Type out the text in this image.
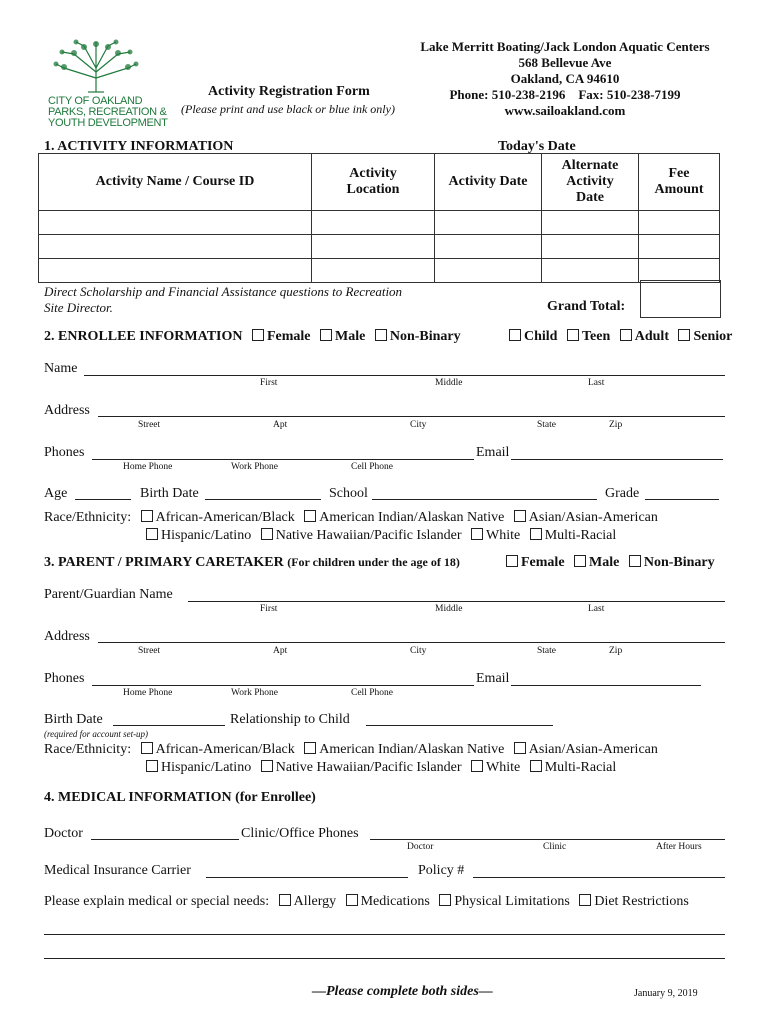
CITY OF OAKLAND
PARKS, RECREATION &
YOUTH DEVELOPMENT
Activity Registration Form
(Please print and use black or blue ink only)
Lake Merritt Boating/Jack London Aquatic Centers
568 Bellevue Ave
Oakland, CA 94610
Phone: 510-238-2196    Fax: 510-238-7199
www.sailoakland.com
1. ACTIVITY INFORMATION	Today's Date
Activity Name / Course ID	Activity Location	Activity Date	Alternate Activity Date	Fee Amount

Direct Scholarship and Financial Assistance questions to Recreation Site Director.	Grand Total:
2. ENROLLEE INFORMATION Female Male Non-Binary	Child Teen Adult Senior
Name
First	Middle	Last
Address
Street	Apt	City	State	Zip
Phones	Email
Home Phone	Work Phone	Cell Phone
Age	Birth Date	School	Grade
Race/Ethnicity: African-American/Black American Indian/Alaskan Native Asian/Asian-American
Hispanic/Latino Native Hawaiian/Pacific Islander White Multi-Racial
3. PARENT / PRIMARY CARETAKER (For children under the age of 18)	Female Male Non-Binary
Parent/Guardian Name
First	Middle	Last
Address
Street	Apt	City	State	Zip
Phones	Email
Home Phone	Work Phone	Cell Phone
Birth Date	Relationship to Child
(required for account set-up)
Race/Ethnicity: African-American/Black American Indian/Alaskan Native Asian/Asian-American
Hispanic/Latino Native Hawaiian/Pacific Islander White Multi-Racial
4. MEDICAL INFORMATION (for Enrollee)
Doctor	Clinic/Office Phones
Doctor	Clinic	After Hours
Medical Insurance Carrier	Policy #
Please explain medical or special needs: Allergy Medications Physical Limitations Diet Restrictions
—Please complete both sides—	January 9, 2019
